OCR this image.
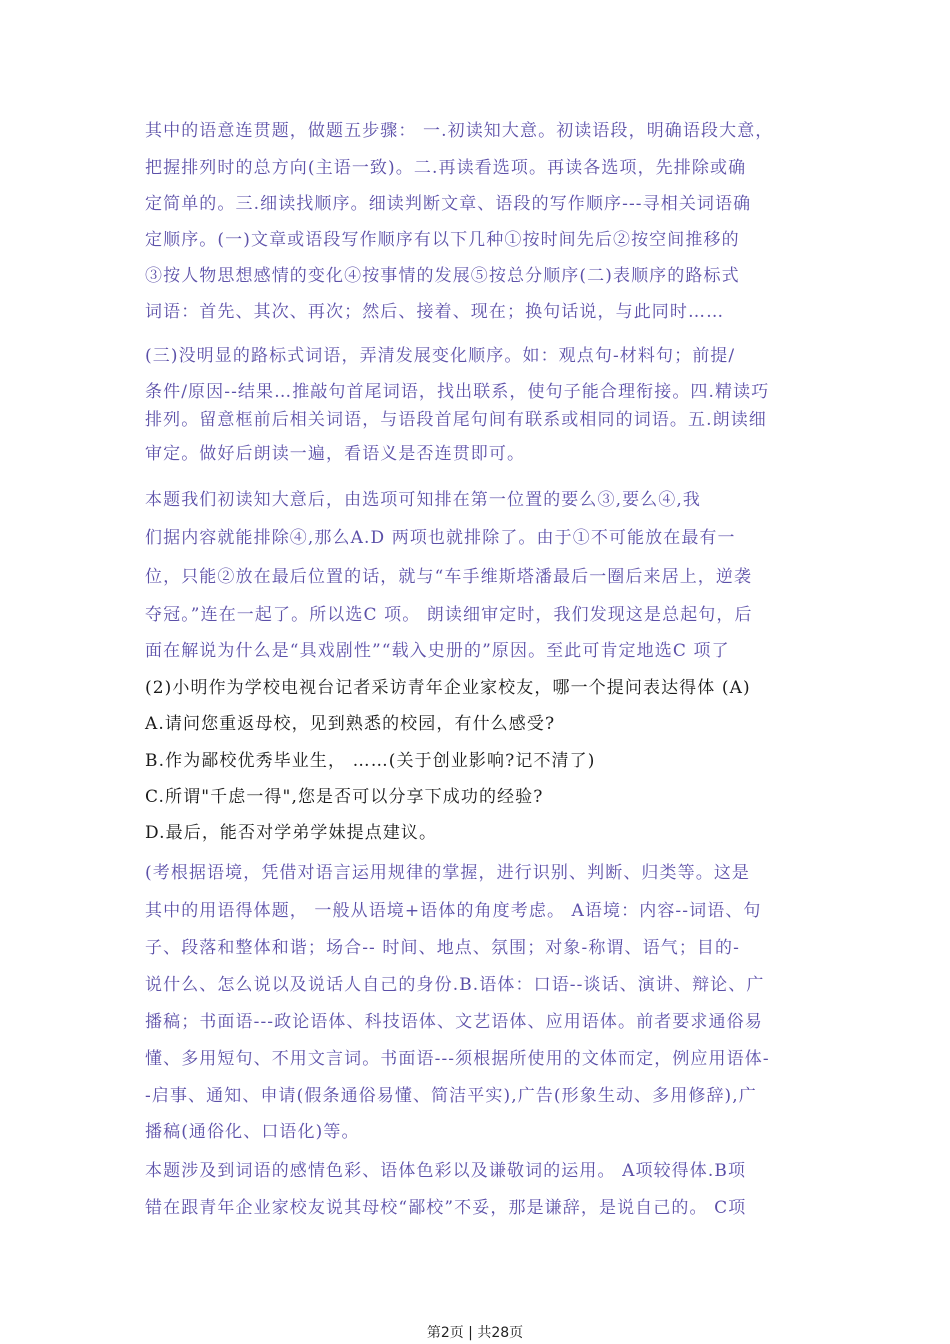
其中的语意连贯题，做题五步骤： 一.初读知大意。初读语段，明确语段大意，
把握排列时的总方向(主语一致)。二.再读看选项。再读各选项，先排除或确
定简单的。三.细读找顺序。细读判断文章、语段的写作顺序---寻相关词语确
定顺序。(一)文章或语段写作顺序有以下几种①按时间先后②按空间推移的
③按人物思想感情的变化④按事情的发展⑤按总分顺序(二)表顺序的路标式
词语：首先、其次、再次；然后、接着、现在；换句话说，与此同时……
(三)没明显的路标式词语，弄清发展变化顺序。如：观点句-材料句；前提/
条件/原因--结果…推敲句首尾词语，找出联系，使句子能合理衔接。四.精读巧
排列。留意框前后相关词语，与语段首尾句间有联系或相同的词语。五.朗读细
审定。做好后朗读一遍，看语义是否连贯即可。
本题我们初读知大意后，由选项可知排在第一位置的要么③,要么④,我
们据内容就能排除④,那么A.D 两项也就排除了。由于①不可能放在最有一
位，只能②放在最后位置的话，就与“车手维斯塔潘最后一圈后来居上，逆袭
夺冠。”连在一起了。所以选C 项。 朗读细审定时，我们发现这是总起句，后
面在解说为什么是“具戏剧性”“载入史册的”原因。至此可肯定地选C 项了
(2)小明作为学校电视台记者采访青年企业家校友，哪一个提问表达得体 (A)
A.请问您重返母校，见到熟悉的校园，有什么感受?
B.作为鄙校优秀毕业生， ……(关于创业影响?记不清了)
C.所谓"千虑一得",您是否可以分享下成功的经验?
D.最后，能否对学弟学妹提点建议。
(考根据语境，凭借对语言运用规律的掌握，进行识别、判断、归类等。这是
其中的用语得体题， 一般从语境+语体的角度考虑。 A语境：内容--词语、句
子、段落和整体和谐；场合-- 时间、地点、氛围；对象-称谓、语气；目的-
说什么、怎么说以及说话人自己的身份.B.语体：口语--谈话、演讲、辩论、广
播稿；书面语---政论语体、科技语体、文艺语体、应用语体。前者要求通俗易
懂、多用短句、不用文言词。书面语---须根据所使用的文体而定，例应用语体-
-启事、通知、申请(假条通俗易懂、简洁平实),广告(形象生动、多用修辞),广
播稿(通俗化、口语化)等。
本题涉及到词语的感情色彩、语体色彩以及谦敬词的运用。 A项较得体.B项
错在跟青年企业家校友说其母校“鄙校”不妥，那是谦辞，是说自己的。 C项
第2页 | 共28页
